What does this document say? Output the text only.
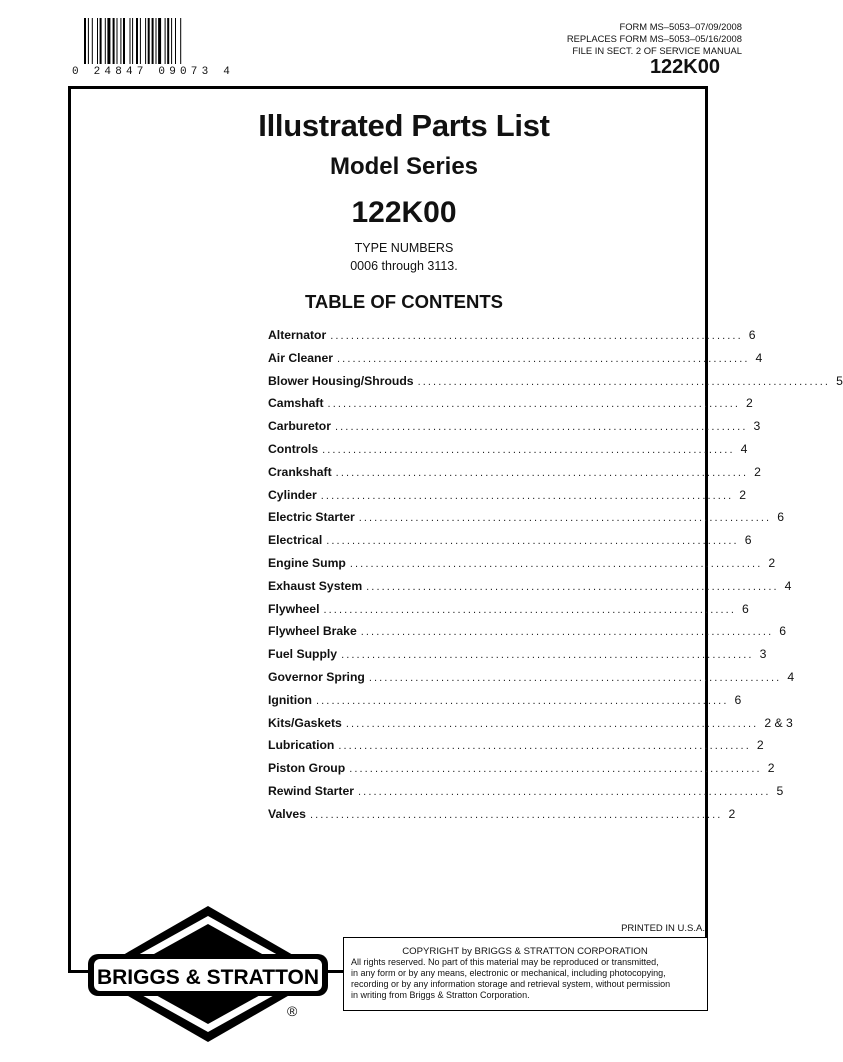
0 24847 09073 4
FORM MS–5053–07/09/2008
REPLACES FORM MS–5053–05/16/2008
FILE IN SECT. 2 OF SERVICE MANUAL
122K00
Illustrated Parts List
Model Series
122K00
TYPE NUMBERS
0006 through 3113.
TABLE OF CONTENTS
Alternator ................................................................................ 6
Air Cleaner ................................................................................ 4
Blower Housing/Shrouds ................................................................................ 5
Camshaft ................................................................................ 2
Carburetor ................................................................................ 3
Controls ................................................................................ 4
Crankshaft ................................................................................ 2
Cylinder ................................................................................ 2
Electric Starter ................................................................................ 6
Electrical ................................................................................ 6
Engine Sump ................................................................................ 2
Exhaust System ................................................................................ 4
Flywheel ................................................................................ 6
Flywheel Brake ................................................................................ 6
Fuel Supply ................................................................................ 3
Governor Spring ................................................................................ 4
Ignition ................................................................................ 6
Kits/Gaskets ................................................................................ 2 & 3
Lubrication ................................................................................ 2
Piston Group ................................................................................ 2
Rewind Starter ................................................................................ 5
Valves ................................................................................ 2
PRINTED IN U.S.A.
COPYRIGHT by BRIGGS & STRATTON CORPORATION
All rights reserved. No part of this material may be reproduced or transmitted,
in any form or by any means, electronic or mechanical, including photocopying,
recording or by any information storage and retrieval system, without permission
in writing from Briggs & Stratton Corporation.
BRIGGS & STRATTON
®
